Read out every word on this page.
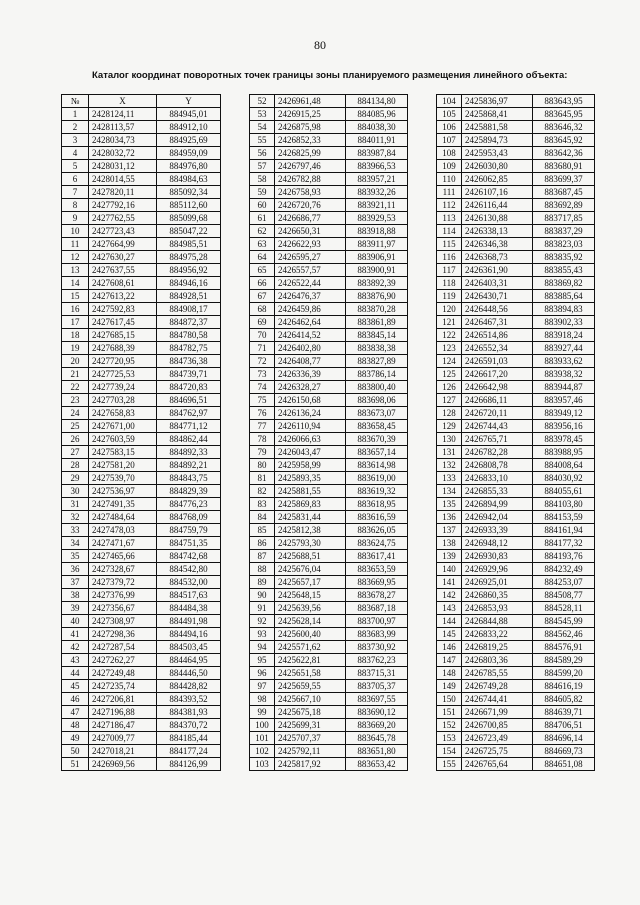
80
Каталог координат поворотных точек границы зоны планируемого размещения линейного объекта:
№	X	Y
1	2428124,11	884945,01
2	2428113,57	884912,10
3	2428034,73	884925,69
4	2428032,72	884959,09
5	2428031,12	884976,80
6	2428014,55	884984,63
7	2427820,11	885092,34
8	2427792,16	885112,60
9	2427762,55	885099,68
10	2427723,43	885047,22
11	2427664,99	884985,51
12	2427630,27	884975,28
13	2427637,55	884956,92
14	2427608,61	884946,16
15	2427613,22	884928,51
16	2427592,83	884908,17
17	2427617,45	884872,37
18	2427685,15	884780,58
19	2427688,39	884782,75
20	2427720,95	884736,38
21	2427725,53	884739,71
22	2427739,24	884720,83
23	2427703,28	884696,51
24	2427658,83	884762,97
25	2427671,00	884771,12
26	2427603,59	884862,44
27	2427583,15	884892,33
28	2427581,20	884892,21
29	2427539,70	884843,75
30	2427536,97	884829,39
31	2427491,35	884776,23
32	2427484,64	884768,09
33	2427478,03	884759,79
34	2427471,67	884751,35
35	2427465,66	884742,68
36	2427328,67	884542,80
37	2427379,72	884532,00
38	2427376,99	884517,63
39	2427356,67	884484,38
40	2427308,97	884491,98
41	2427298,36	884494,16
42	2427287,54	884503,45
43	2427262,27	884464,95
44	2427249,48	884446,50
45	2427235,74	884428,82
46	2427206,81	884393,52
47	2427196,88	884381,93
48	2427186,47	884370,72
49	2427009,77	884185,44
50	2427018,21	884177,24
51	2426969,56	884126,99
52	2426961,48	884134,80
53	2426915,25	884085,96
54	2426875,98	884038,30
55	2426852,33	884011,91
56	2426825,99	883987,84
57	2426797,46	883966,53
58	2426782,88	883957,21
59	2426758,93	883932,26
60	2426720,76	883921,11
61	2426686,77	883929,53
62	2426650,31	883918,88
63	2426622,93	883911,97
64	2426595,27	883906,91
65	2426557,57	883900,91
66	2426522,44	883892,39
67	2426476,37	883876,90
68	2426459,86	883870,28
69	2426462,64	883861,89
70	2426414,52	883845,14
71	2426402,80	883838,38
72	2426408,77	883827,89
73	2426336,39	883786,14
74	2426328,27	883800,40
75	2426150,68	883698,06
76	2426136,24	883673,07
77	2426110,94	883658,45
78	2426066,63	883670,39
79	2426043,47	883657,14
80	2425958,99	883614,98
81	2425893,35	883619,00
82	2425881,55	883619,32
83	2425869,83	883618,95
84	2425831,44	883616,59
85	2425812,38	883626,05
86	2425793,30	883624,75
87	2425688,51	883617,41
88	2425676,04	883653,59
89	2425657,17	883669,95
90	2425648,15	883678,27
91	2425639,56	883687,18
92	2425628,14	883700,97
93	2425600,40	883683,99
94	2425571,62	883730,92
95	2425622,81	883762,23
96	2425651,58	883715,31
97	2425659,55	883705,37
98	2425667,10	883697,55
99	2425675,18	883690,12
100	2425699,31	883669,20
101	2425707,37	883645,78
102	2425792,11	883651,80
103	2425817,92	883653,42
104	2425836,97	883643,95
105	2425868,41	883645,95
106	2425881,58	883646,32
107	2425894,73	883645,92
108	2425953,43	883642,36
109	2426030,80	883680,91
110	2426062,85	883699,37
111	2426107,16	883687,45
112	2426116,44	883692,89
113	2426130,88	883717,85
114	2426338,13	883837,29
115	2426346,38	883823,03
116	2426368,73	883835,92
117	2426361,90	883855,43
118	2426403,31	883869,82
119	2426430,71	883885,64
120	2426448,56	883894,83
121	2426467,31	883902,33
122	2426514,86	883918,24
123	2426552,34	883927,44
124	2426591,03	883933,62
125	2426617,20	883938,32
126	2426642,98	883944,87
127	2426686,11	883957,46
128	2426720,11	883949,12
129	2426744,43	883956,16
130	2426765,71	883978,45
131	2426782,28	883988,95
132	2426808,78	884008,64
133	2426833,10	884030,92
134	2426855,33	884055,61
135	2426894,99	884103,80
136	2426942,04	884153,59
137	2426933,39	884161,94
138	2426948,12	884177,32
139	2426930,83	884193,76
140	2426929,96	884232,49
141	2426925,01	884253,07
142	2426860,35	884508,77
143	2426853,93	884528,11
144	2426844,88	884545,99
145	2426833,22	884562,46
146	2426819,25	884576,91
147	2426803,36	884589,29
148	2426785,55	884599,20
149	2426749,28	884616,19
150	2426744,41	884605,82
151	2426671,99	884639,71
152	2426700,85	884706,51
153	2426723,49	884696,14
154	2426725,75	884669,73
155	2426765,64	884651,08
